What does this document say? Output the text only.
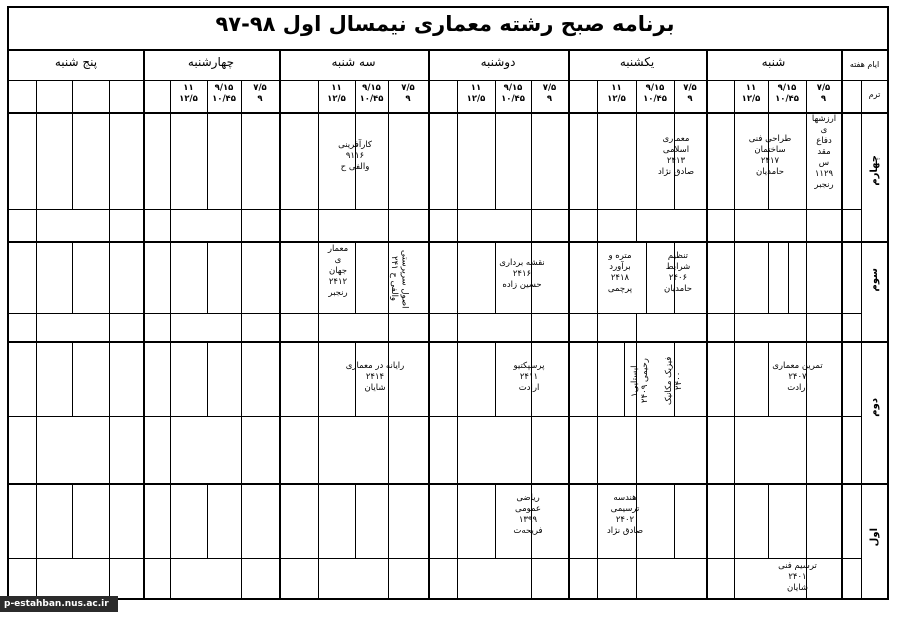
برنامه صبح رشته معماری نیمسال اول ۹۸-۹۷
ایام هفته
ترم
شنبه
یکشنبه
دوشنبه
سه شنبه
چهارشنبه
پنج شنبه
۷/۵
۹
۹/۱۵
۱۰/۴۵
۱۱
۱۲/۵
۷/۵
۹
۹/۱۵
۱۰/۴۵
۱۱
۱۲/۵
۷/۵
۹
۹/۱۵
۱۰/۴۵
۱۱
۱۲/۵
۷/۵
۹
۹/۱۵
۱۰/۴۵
۱۱
۱۲/۵
۷/۵
۹
۹/۱۵
۱۰/۴۵
۱۱
۱۲/۵
چهارم
سوم
دوم
اول
ارزشها
ی
دفاع
مقد
س
۱۱۲۹
رنجبر
طراحی فنی
ساختمان
۲۴۱۷
حامدیان
معماری
اسلامی
۲۴۱۳
صادق نژاد
کارآفرینی
۹۱۱۶
والفی ح
تنظیم
شرایط
۲۴۰۶
حامدیان
متره و
برآورد
۲۴۱۸
پرچمی
نقشه برداری
۲۴۱۶
حسین زاده
اصول سرپرستی
۲۴۱ والفی ح
معمار
ی
جهان
۲۴۱۲
رنجبر
تمرین معماری
۲۴۰۷
ارادت
فیزیک مکانیک
۲۴۰۰
ایستایی۱
۲۴۰۹ رحیمی
پرسپکتیو
۲۴۱۱
ارادت
رایانه در معماری
۲۴۱۴
شایان
هندسه
ترسیمی
۲۴۰۲
صادق نژاد
ریاضی
عمومی
۱۳۹۹
فریحه‌ت
ترسیم فنی
۲۴۰۱
شایان
p-estahban.nus.ac.ir
